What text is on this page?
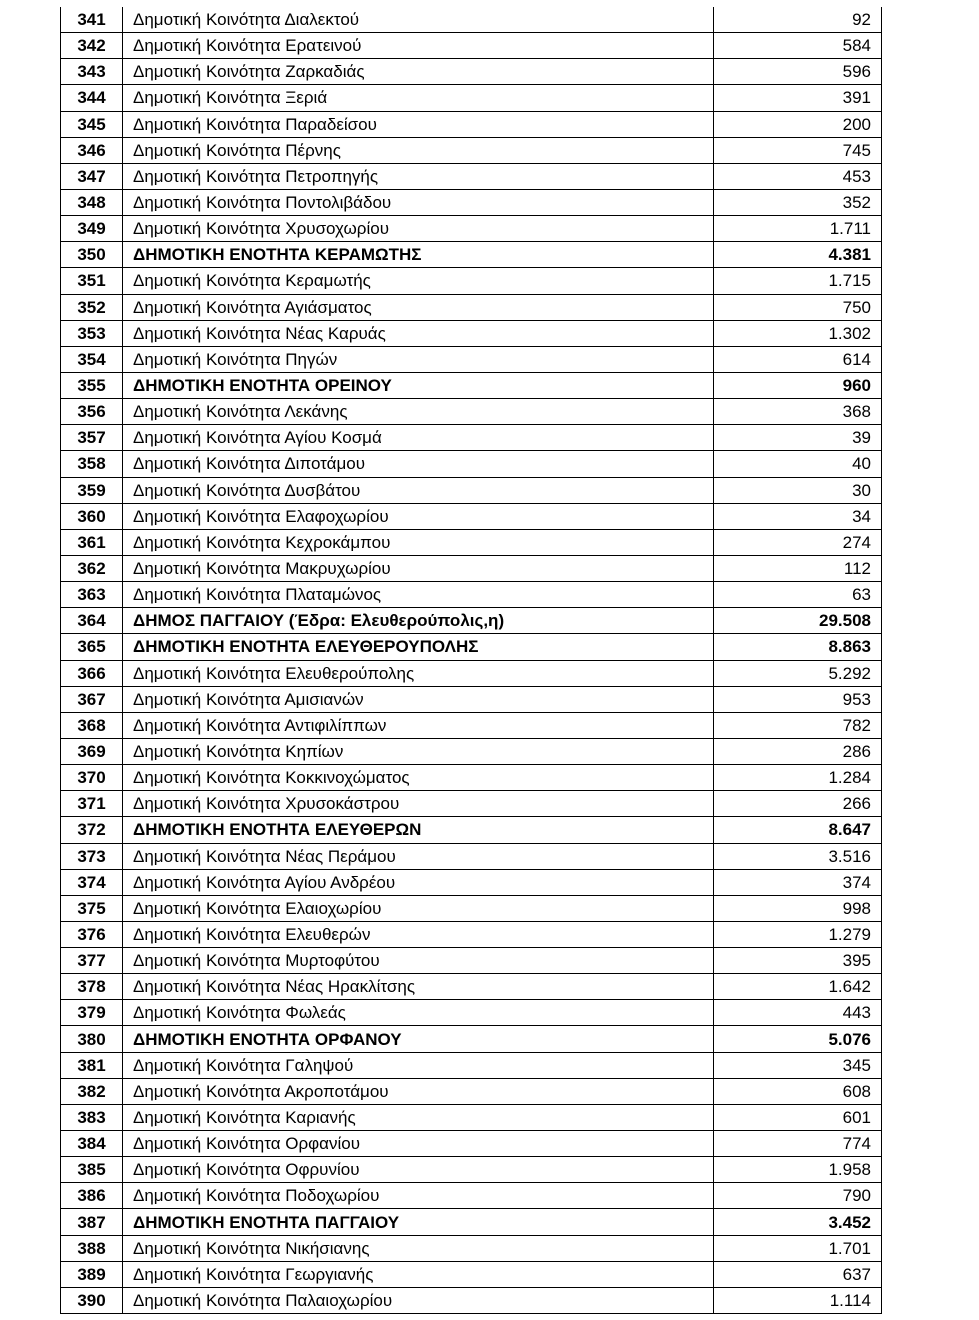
341	Δημοτική Κοινότητα Διαλεκτού	92
342	Δημοτική Κοινότητα Ερατεινού	584
343	Δημοτική Κοινότητα Ζαρκαδιάς	596
344	Δημοτική Κοινότητα Ξεριά	391
345	Δημοτική Κοινότητα Παραδείσου	200
346	Δημοτική Κοινότητα Πέρνης	745
347	Δημοτική Κοινότητα Πετροπηγής	453
348	Δημοτική Κοινότητα Ποντολιβάδου	352
349	Δημοτική Κοινότητα Χρυσοχωρίου	1.711
350	ΔΗΜΟΤΙΚΗ ΕΝΟΤΗΤΑ ΚΕΡΑΜΩΤΗΣ	4.381
351	Δημοτική Κοινότητα Κεραμωτής	1.715
352	Δημοτική Κοινότητα Αγιάσματος	750
353	Δημοτική Κοινότητα Νέας Καρυάς	1.302
354	Δημοτική Κοινότητα Πηγών	614
355	ΔΗΜΟΤΙΚΗ ΕΝΟΤΗΤΑ ΟΡΕΙΝΟΥ	960
356	Δημοτική Κοινότητα Λεκάνης	368
357	Δημοτική Κοινότητα Αγίου Κοσμά	39
358	Δημοτική Κοινότητα Διποτάμου	40
359	Δημοτική Κοινότητα Δυσβάτου	30
360	Δημοτική Κοινότητα Ελαφοχωρίου	34
361	Δημοτική Κοινότητα Κεχροκάμπου	274
362	Δημοτική Κοινότητα Μακρυχωρίου	112
363	Δημοτική Κοινότητα Πλαταμώνος	63
364	ΔΗΜΟΣ ΠΑΓΓΑΙΟΥ (Έδρα: Ελευθερούπολις,η)	29.508
365	ΔΗΜΟΤΙΚΗ ΕΝΟΤΗΤΑ ΕΛΕΥΘΕΡΟΥΠΟΛΗΣ	8.863
366	Δημοτική Κοινότητα Ελευθερούπολης	5.292
367	Δημοτική Κοινότητα Αμισιανών	953
368	Δημοτική Κοινότητα Αντιφιλίππων	782
369	Δημοτική Κοινότητα Κηπίων	286
370	Δημοτική Κοινότητα Κοκκινοχώματος	1.284
371	Δημοτική Κοινότητα Χρυσοκάστρου	266
372	ΔΗΜΟΤΙΚΗ ΕΝΟΤΗΤΑ ΕΛΕΥΘΕΡΩΝ	8.647
373	Δημοτική Κοινότητα Νέας Περάμου	3.516
374	Δημοτική Κοινότητα Αγίου Ανδρέου	374
375	Δημοτική Κοινότητα Ελαιοχωρίου	998
376	Δημοτική Κοινότητα Ελευθερών	1.279
377	Δημοτική Κοινότητα Μυρτοφύτου	395
378	Δημοτική Κοινότητα Νέας Ηρακλίτσης	1.642
379	Δημοτική Κοινότητα Φωλεάς	443
380	ΔΗΜΟΤΙΚΗ ΕΝΟΤΗΤΑ ΟΡΦΑΝΟΥ	5.076
381	Δημοτική Κοινότητα Γαληψού	345
382	Δημοτική Κοινότητα Ακροποτάμου	608
383	Δημοτική Κοινότητα Καριανής	601
384	Δημοτική Κοινότητα Ορφανίου	774
385	Δημοτική Κοινότητα Οφρυνίου	1.958
386	Δημοτική Κοινότητα Ποδοχωρίου	790
387	ΔΗΜΟΤΙΚΗ ΕΝΟΤΗΤΑ ΠΑΓΓΑΙΟΥ	3.452
388	Δημοτική Κοινότητα Νικήσιανης	1.701
389	Δημοτική Κοινότητα Γεωργιανής	637
390	Δημοτική Κοινότητα Παλαιοχωρίου	1.114
